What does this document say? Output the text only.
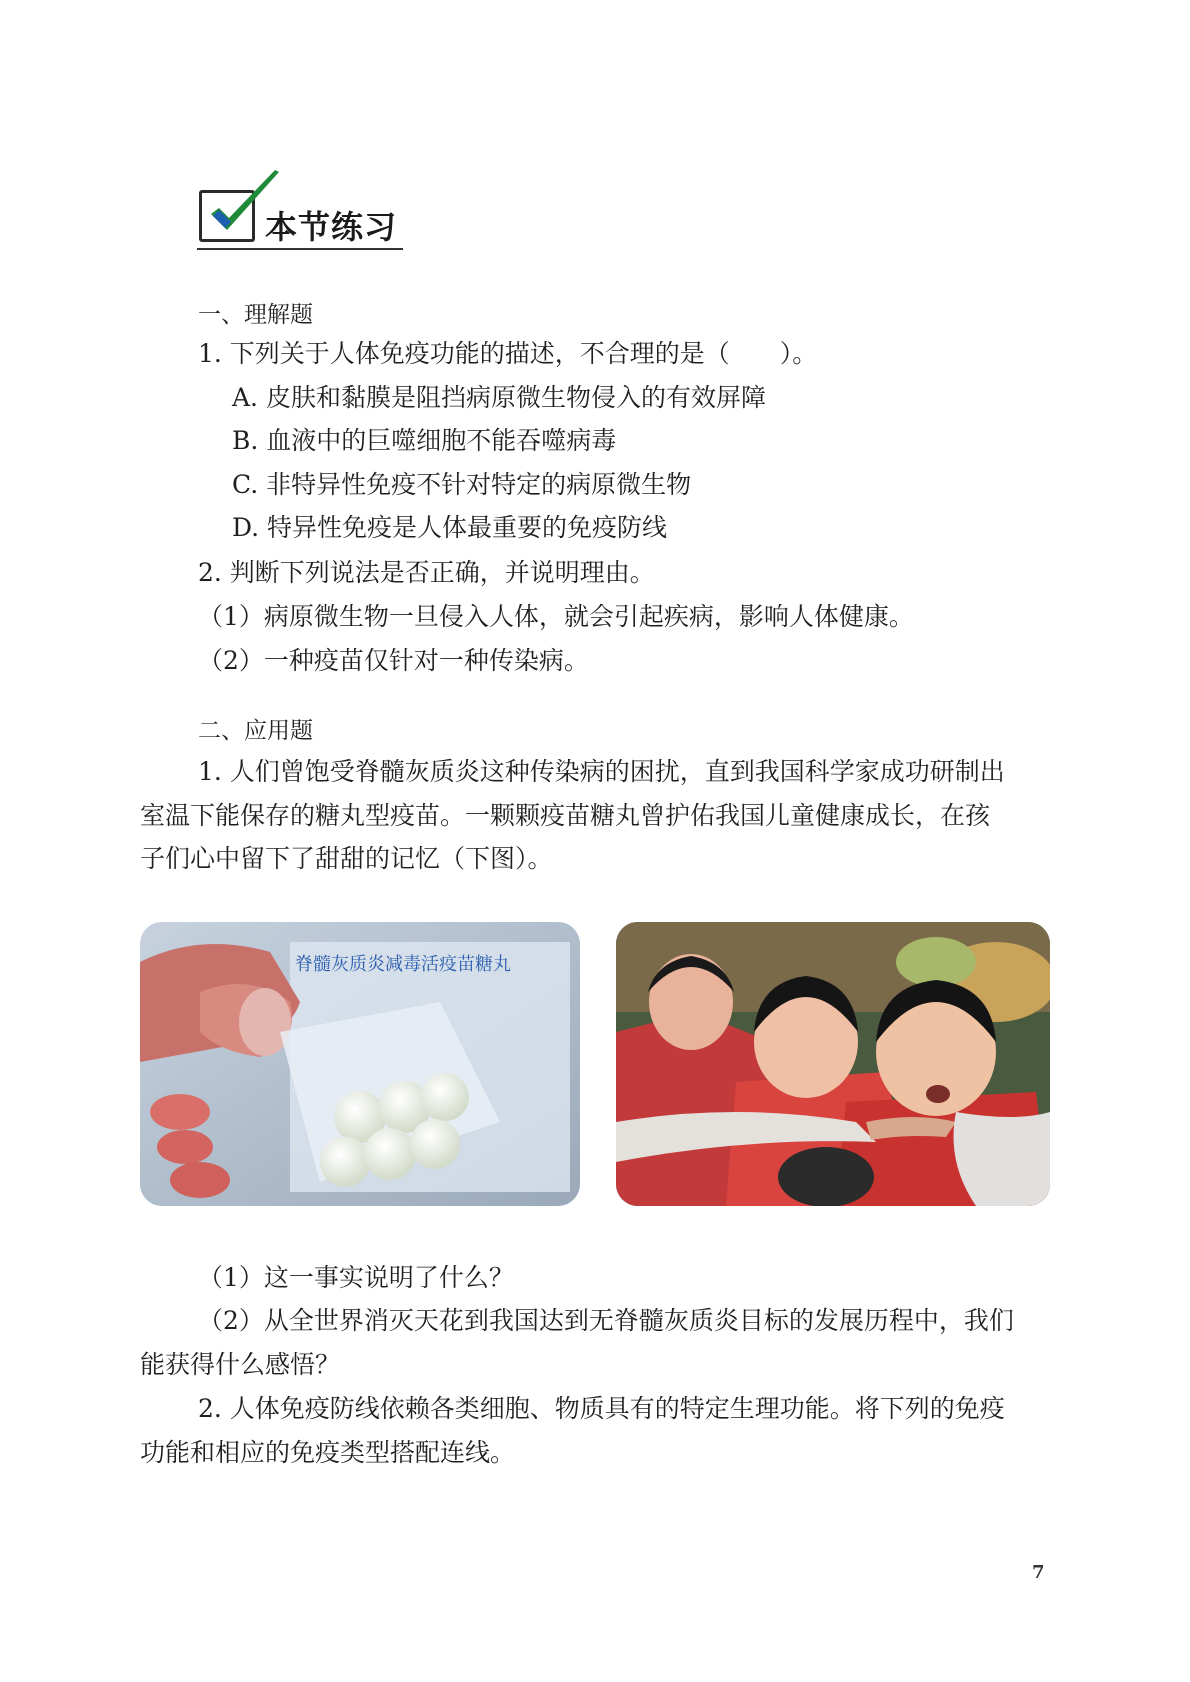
本节练习
一、理解题
1. 下列关于人体免疫功能的描述，不合理的是（　　）。
A. 皮肤和黏膜是阻挡病原微生物侵入的有效屏障
B. 血液中的巨噬细胞不能吞噬病毒
C. 非特异性免疫不针对特定的病原微生物
D. 特异性免疫是人体最重要的免疫防线
2. 判断下列说法是否正确，并说明理由。
（1）病原微生物一旦侵入人体，就会引起疾病，影响人体健康。
（2）一种疫苗仅针对一种传染病。
二、应用题
1. 人们曾饱受脊髓灰质炎这种传染病的困扰，直到我国科学家成功研制出
室温下能保存的糖丸型疫苗。一颗颗疫苗糖丸曾护佑我国儿童健康成长，在孩
子们心中留下了甜甜的记忆（下图）。
脊髓灰质炎减毒活疫苗糖丸
（1）这一事实说明了什么？
（2）从全世界消灭天花到我国达到无脊髓灰质炎目标的发展历程中，我们
能获得什么感悟？
2. 人体免疫防线依赖各类细胞、物质具有的特定生理功能。将下列的免疫
功能和相应的免疫类型搭配连线。
7
